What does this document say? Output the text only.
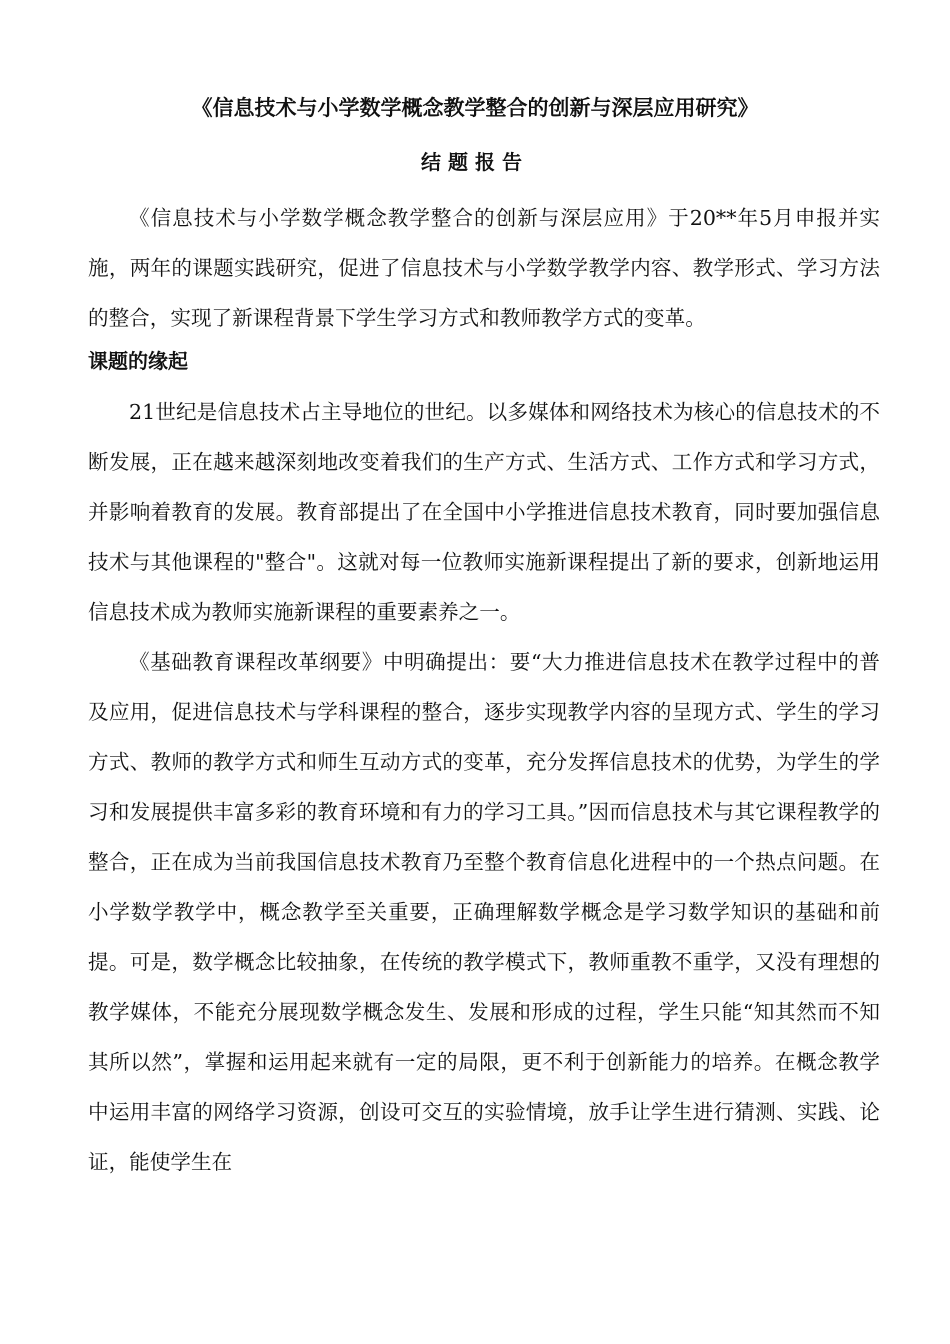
《信息技术与小学数学概念教学整合的创新与深层应用研究》
结题报告

《信息技术与小学数学概念教学整合的创新与深层应用》于20**年5月申报并实施，两年的课题实践研究，促进了信息技术与小学数学教学内容、教学形式、学习方法的整合，实现了新课程背景下学生学习方式和教师教学方式的变革。

课题的缘起

21世纪是信息技术占主导地位的世纪。以多媒体和网络技术为核心的信息技术的不断发展，正在越来越深刻地改变着我们的生产方式、生活方式、工作方式和学习方式，并影响着教育的发展。教育部提出了在全国中小学推进信息技术教育，同时要加强信息技术与其他课程的"整合"。这就对每一位教师实施新课程提出了新的要求，创新地运用信息技术成为教师实施新课程的重要素养之一。

《基础教育课程改革纲要》中明确提出：要“大力推进信息技术在教学过程中的普及应用，促进信息技术与学科课程的整合，逐步实现教学内容的呈现方式、学生的学习方式、教师的教学方式和师生互动方式的变革，充分发挥信息技术的优势，为学生的学习和发展提供丰富多彩的教育环境和有力的学习工具。”因而信息技术与其它课程教学的整合，正在成为当前我国信息技术教育乃至整个教育信息化进程中的一个热点问题。在小学数学教学中，概念教学至关重要，正确理解数学概念是学习数学知识的基础和前提。可是，数学概念比较抽象，在传统的教学模式下，教师重教不重学，又没有理想的教学媒体，不能充分展现数学概念发生、发展和形成的过程，学生只能“知其然而不知其所以然”，掌握和运用起来就有一定的局限，更不利于创新能力的培养。在概念教学中运用丰富的网络学习资源，创设可交互的实验情境，放手让学生进行猜测、实践、论证，能使学生在
